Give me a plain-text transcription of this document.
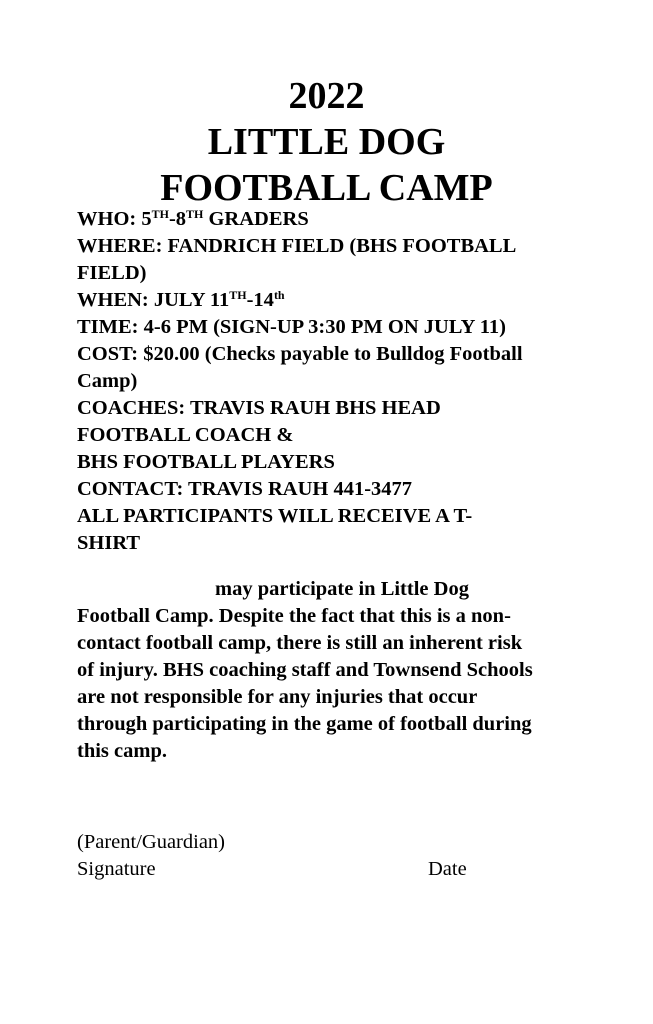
2022
LITTLE DOG
FOOTBALL CAMP
WHO: 5TH-8TH GRADERS
WHERE: FANDRICH FIELD (BHS FOOTBALL
FIELD)
WHEN: JULY 11TH-14th
TIME: 4-6 PM (SIGN-UP 3:30 PM ON JULY 11)
COST: $20.00 (Checks payable to Bulldog Football
Camp)
COACHES: TRAVIS RAUH BHS HEAD
FOOTBALL COACH &
BHS FOOTBALL PLAYERS
CONTACT: TRAVIS RAUH 441-3477
ALL PARTICIPANTS WILL RECEIVE A T-
SHIRT
may participate in Little Dog
Football Camp. Despite the fact that this is a non-
contact football camp, there is still an inherent risk
of injury. BHS coaching staff and Townsend Schools
are not responsible for any injuries that occur
through participating in the game of football during
this camp.
(Parent/Guardian)
Signature	Date
